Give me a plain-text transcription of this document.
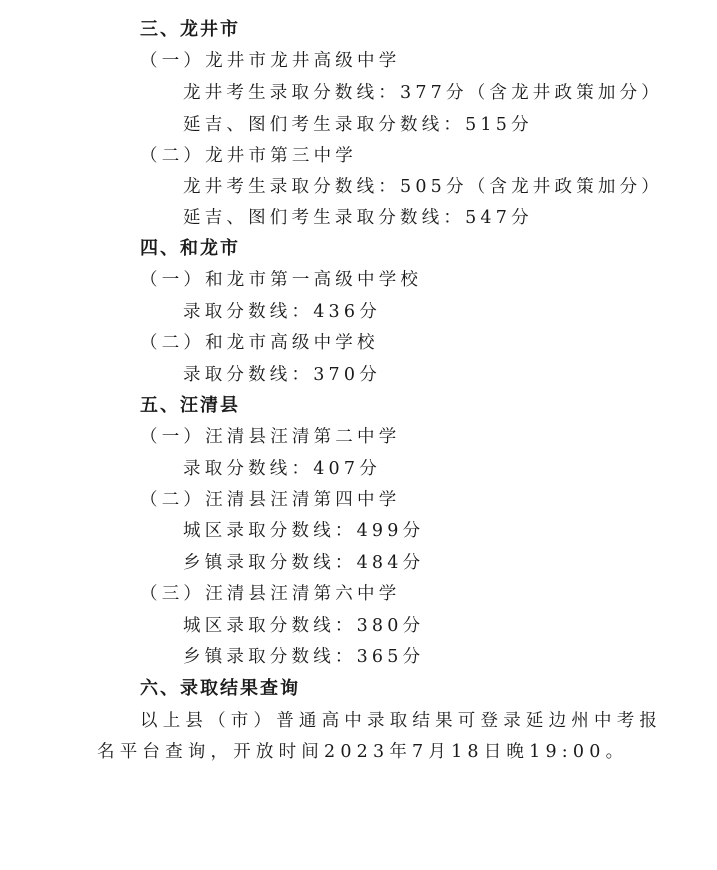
三、龙井市
（一）龙井市龙井高级中学
龙井考生录取分数线：377分（含龙井政策加分）
延吉、图们考生录取分数线：515分
（二）龙井市第三中学
龙井考生录取分数线：505分（含龙井政策加分）
延吉、图们考生录取分数线：547分
四、和龙市
（一）和龙市第一高级中学校
录取分数线：436分
（二）和龙市高级中学校
录取分数线：370分
五、汪清县
（一）汪清县汪清第二中学
录取分数线：407分
（二）汪清县汪清第四中学
城区录取分数线：499分
乡镇录取分数线：484分
（三）汪清县汪清第六中学
城区录取分数线：380分
乡镇录取分数线：365分
六、录取结果查询
以上县（市）普通高中录取结果可登录延边州中考报
名平台查询，开放时间2023年7月18日晚19:00。
